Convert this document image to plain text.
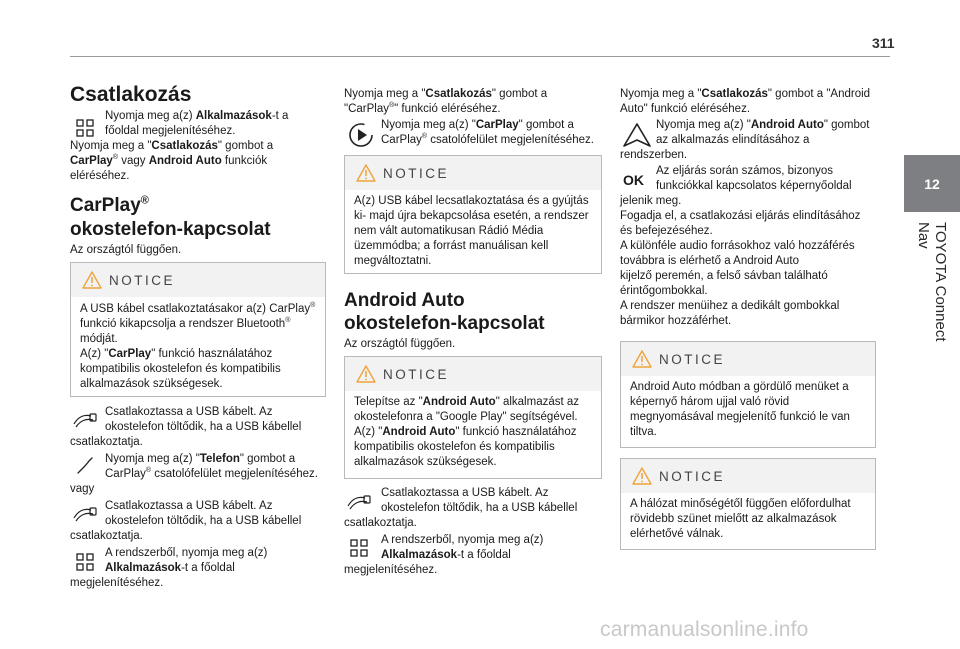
311
12
TOYOTA Connect Nav
Csatlakozás
Nyomja meg a(z) Alkalmazások-t a
főoldal megjelenítéséhez.
Nyomja meg a "Csatlakozás" gombot a
CarPlay® vagy Android Auto funkciók
eléréséhez.
CarPlay®
okostelefon-kapcsolat
Az országtól függően.
NOTICE
A USB kábel csatlakoztatásakor a(z) CarPlay®
funkció kikapcsolja a rendszer Bluetooth®
módját.
A(z) "CarPlay" funkció használatához
kompatibilis okostelefon és kompatibilis
alkalmazások szükségesek.
Csatlakoztassa a USB kábelt. Az
okostelefon töltődik, ha a USB kábellel
csatlakoztatja.
Nyomja meg a(z) "Telefon" gombot a
CarPlay® csatolófelület megjelenítéséhez.
vagy
Csatlakoztassa a USB kábelt. Az
okostelefon töltődik, ha a USB kábellel
csatlakoztatja.
A rendszerből, nyomja meg a(z)
Alkalmazások-t a főoldal
megjelenítéséhez.
Nyomja meg a "Csatlakozás" gombot a
"CarPlay®" funkció eléréséhez.
Nyomja meg a(z) "CarPlay" gombot a
CarPlay® csatolófelület megjelenítéséhez.
NOTICE
A(z) USB kábel lecsatlakoztatása és a gyújtás
ki- majd újra bekapcsolása esetén, a rendszer
nem vált automatikusan Rádió Média
üzemmódba; a forrást manuálisan kell
megváltoztatni.
Android Auto
okostelefon-kapcsolat
Az országtól függően.
NOTICE
Telepítse az "Android Auto" alkalmazást az
okostelefonra a "Google Play" segítségével.
A(z) "Android Auto" funkció használatához
kompatibilis okostelefon és kompatibilis
alkalmazások szükségesek.
Csatlakoztassa a USB kábelt. Az
okostelefon töltődik, ha a USB kábellel
csatlakoztatja.
A rendszerből, nyomja meg a(z)
Alkalmazások-t a főoldal
megjelenítéséhez.
Nyomja meg a "Csatlakozás" gombot a "Android
Auto" funkció eléréséhez.
Nyomja meg a(z) "Android Auto" gombot
az alkalmazás elindításához a
rendszerben.
OK
Az eljárás során számos, bizonyos
funkciókkal kapcsolatos képernyőoldal
jelenik meg.
Fogadja el, a csatlakozási eljárás elindításához
és befejezéséhez.
A különféle audio forrásokhoz való hozzáférés
továbbra is elérhető a Android Auto
kijelző peremén, a felső sávban található
érintőgombokkal.
A rendszer menüihez a dedikált gombokkal
bármikor hozzáférhet.
NOTICE
Android Auto módban a gördülő menüket a
képernyő három ujjal való rövid
megnyomásával megjelenítő funkció le van
tiltva.
NOTICE
A hálózat minőségétől függően előfordulhat
rövidebb szünet mielőtt az alkalmazások
elérhetővé válnak.
carmanualsonline.info
